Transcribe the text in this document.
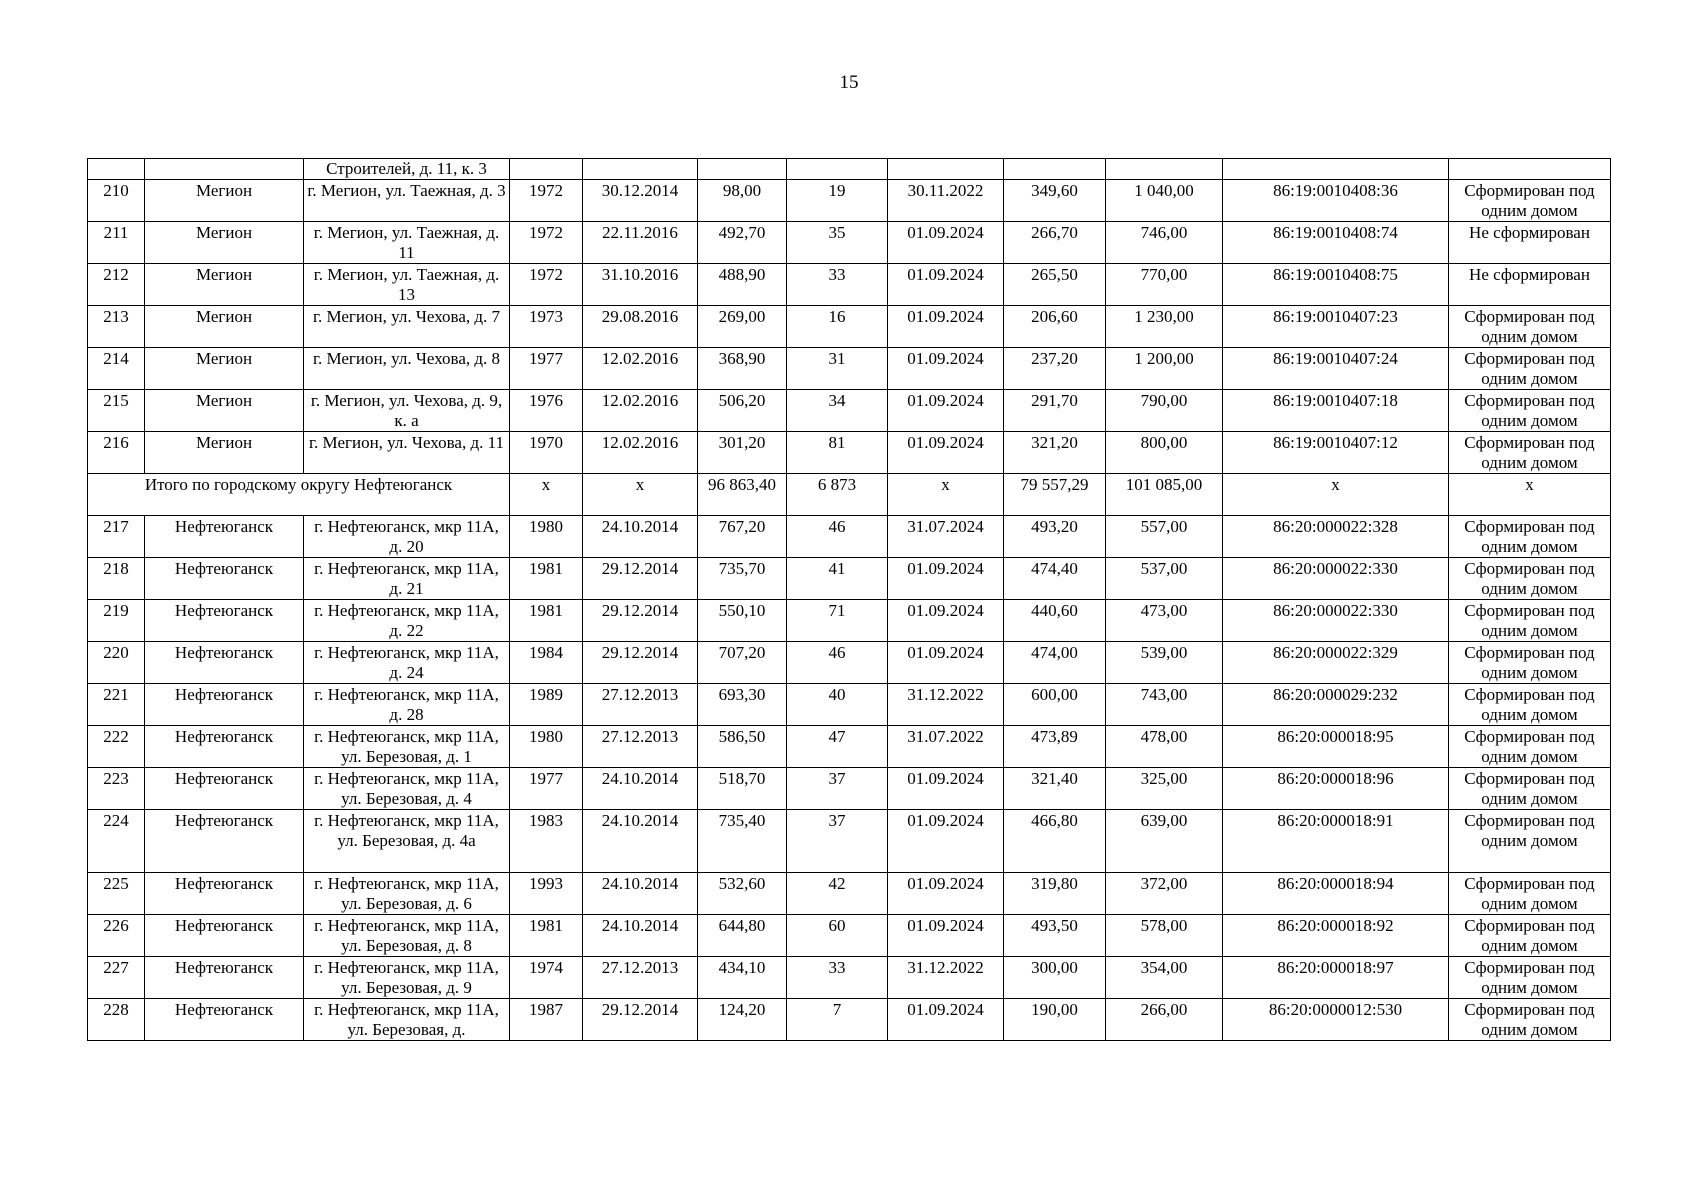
15
		Строителей, д. 11, к. 3									
210	Мегион	г. Мегион, ул. Таежная, д. 3	1972	30.12.2014	98,00	19	30.11.2022	349,60	1 040,00	86:19:0010408:36	Сформирован под одним домом
211	Мегион	г. Мегион, ул. Таежная, д. 11	1972	22.11.2016	492,70	35	01.09.2024	266,70	746,00	86:19:0010408:74	Не сформирован
212	Мегион	г. Мегион, ул. Таежная, д. 13	1972	31.10.2016	488,90	33	01.09.2024	265,50	770,00	86:19:0010408:75	Не сформирован
213	Мегион	г. Мегион, ул. Чехова, д. 7	1973	29.08.2016	269,00	16	01.09.2024	206,60	1 230,00	86:19:0010407:23	Сформирован под одним домом
214	Мегион	г. Мегион, ул. Чехова, д. 8	1977	12.02.2016	368,90	31	01.09.2024	237,20	1 200,00	86:19:0010407:24	Сформирован под одним домом
215	Мегион	г. Мегион, ул. Чехова, д. 9, к. а	1976	12.02.2016	506,20	34	01.09.2024	291,70	790,00	86:19:0010407:18	Сформирован под одним домом
216	Мегион	г. Мегион, ул. Чехова, д. 11	1970	12.02.2016	301,20	81	01.09.2024	321,20	800,00	86:19:0010407:12	Сформирован под одним домом
Итого по городскому округу Нефтеюганск			х	х	96 863,40	6 873	х	79 557,29	101 085,00	х	х
217	Нефтеюганск	г. Нефтеюганск, мкр 11А, д. 20	1980	24.10.2014	767,20	46	31.07.2024	493,20	557,00	86:20:000022:328	Сформирован под одним домом
218	Нефтеюганск	г. Нефтеюганск, мкр 11А, д. 21	1981	29.12.2014	735,70	41	01.09.2024	474,40	537,00	86:20:000022:330	Сформирован под одним домом
219	Нефтеюганск	г. Нефтеюганск, мкр 11А, д. 22	1981	29.12.2014	550,10	71	01.09.2024	440,60	473,00	86:20:000022:330	Сформирован под одним домом
220	Нефтеюганск	г. Нефтеюганск, мкр 11А, д. 24	1984	29.12.2014	707,20	46	01.09.2024	474,00	539,00	86:20:000022:329	Сформирован под одним домом
221	Нефтеюганск	г. Нефтеюганск, мкр 11А, д. 28	1989	27.12.2013	693,30	40	31.12.2022	600,00	743,00	86:20:000029:232	Сформирован под одним домом
222	Нефтеюганск	г. Нефтеюганск, мкр 11А, ул. Березовая, д. 1	1980	27.12.2013	586,50	47	31.07.2022	473,89	478,00	86:20:000018:95	Сформирован под одним домом
223	Нефтеюганск	г. Нефтеюганск, мкр 11А, ул. Березовая, д. 4	1977	24.10.2014	518,70	37	01.09.2024	321,40	325,00	86:20:000018:96	Сформирован под одним домом
224	Нефтеюганск	г. Нефтеюганск, мкр 11А, ул. Березовая, д. 4а	1983	24.10.2014	735,40	37	01.09.2024	466,80	639,00	86:20:000018:91	Сформирован под одним домом
225	Нефтеюганск	г. Нефтеюганск, мкр 11А, ул. Березовая, д. 6	1993	24.10.2014	532,60	42	01.09.2024	319,80	372,00	86:20:000018:94	Сформирован под одним домом
226	Нефтеюганск	г. Нефтеюганск, мкр 11А, ул. Березовая, д. 8	1981	24.10.2014	644,80	60	01.09.2024	493,50	578,00	86:20:000018:92	Сформирован под одним домом
227	Нефтеюганск	г. Нефтеюганск, мкр 11А, ул. Березовая, д. 9	1974	27.12.2013	434,10	33	31.12.2022	300,00	354,00	86:20:000018:97	Сформирован под одним домом
228	Нефтеюганск	г. Нефтеюганск, мкр 11А, ул. Березовая, д.	1987	29.12.2014	124,20	7	01.09.2024	190,00	266,00	86:20:0000012:530	Сформирован под одним домом
